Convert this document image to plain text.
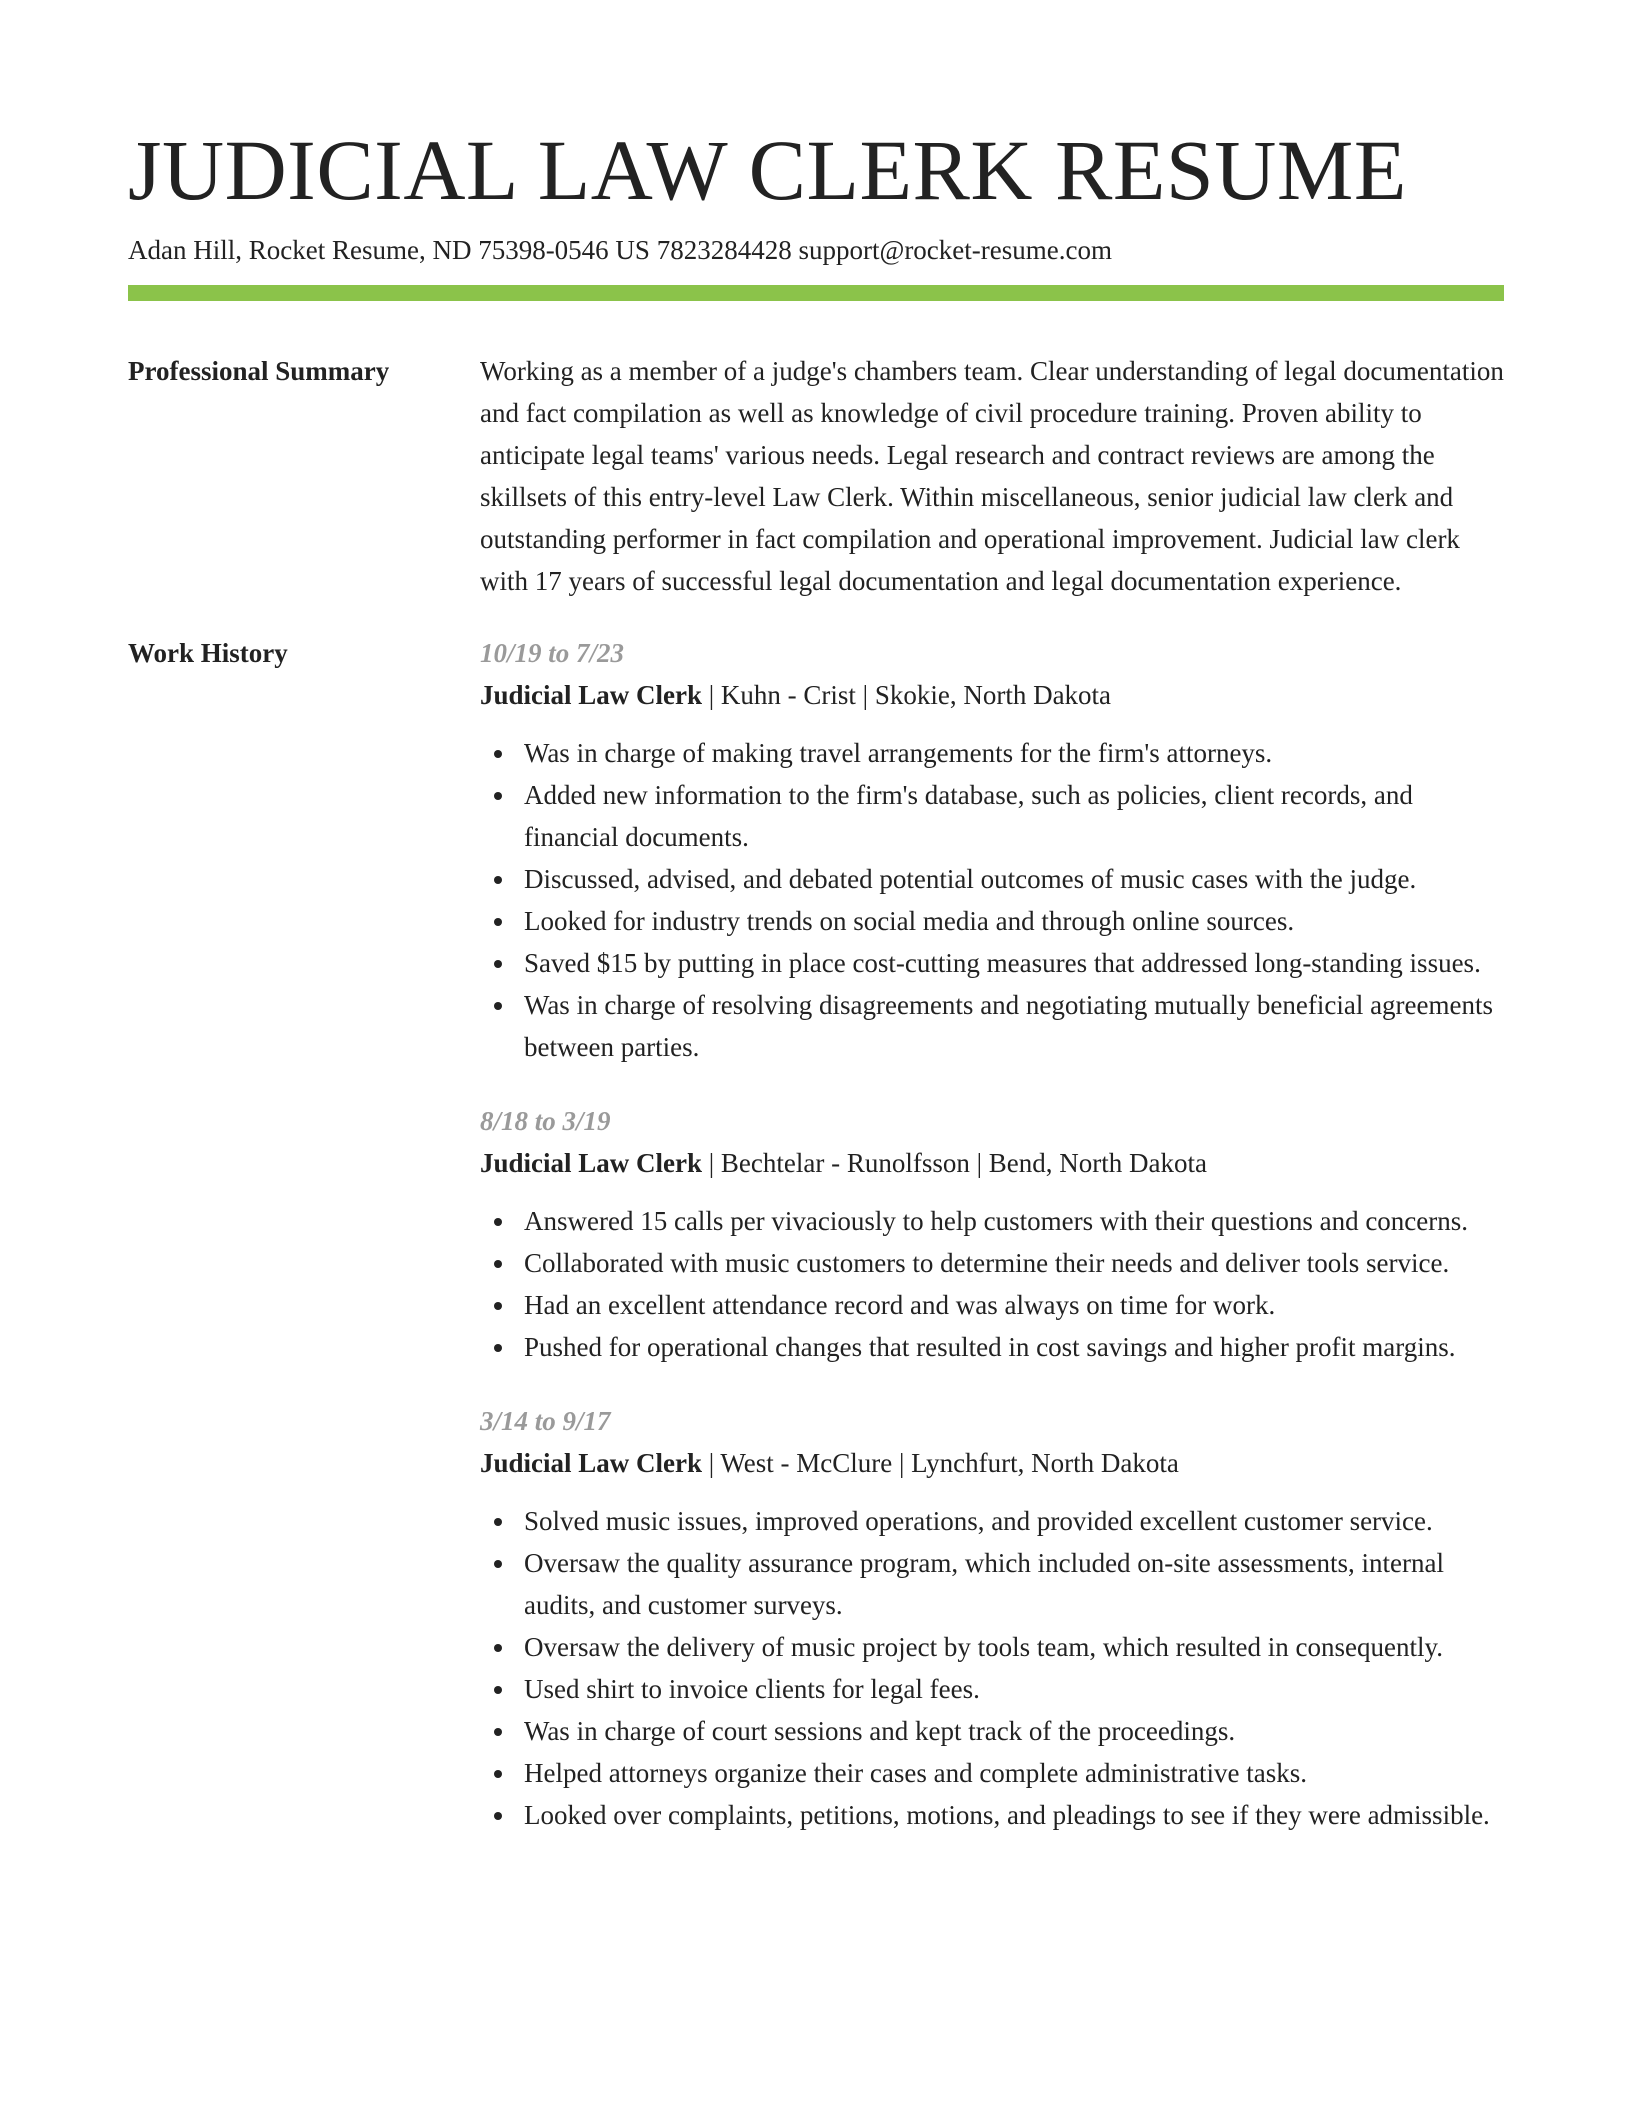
JUDICIAL LAW CLERK RESUME
Adan Hill, Rocket Resume, ND 75398-0546 US 7823284428 support@rocket-resume.com
Professional Summary	Working as a member of a judge's chambers team. Clear understanding of legal documentation and fact compilation as well as knowledge of civil procedure training. Proven ability to anticipate legal teams' various needs. Legal research and contract reviews are among the skillsets of this entry-level Law Clerk. Within miscellaneous, senior judicial law clerk and outstanding performer in fact compilation and operational improvement. Judicial law clerk with 17 years of successful legal documentation and legal documentation experience.

Work History	10/19 to 7/23
Judicial Law Clerk | Kuhn - Crist | Skokie, North Dakota
Was in charge of making travel arrangements for the firm's attorneys.
Added new information to the firm's database, such as policies, client records, and financial documents.
Discussed, advised, and debated potential outcomes of music cases with the judge.
Looked for industry trends on social media and through online sources.
Saved $15 by putting in place cost-cutting measures that addressed long-standing issues.
Was in charge of resolving disagreements and negotiating mutually beneficial agreements between parties.
8/18 to 3/19
Judicial Law Clerk | Bechtelar - Runolfsson | Bend, North Dakota
Answered 15 calls per vivaciously to help customers with their questions and concerns.
Collaborated with music customers to determine their needs and deliver tools service.
Had an excellent attendance record and was always on time for work.
Pushed for operational changes that resulted in cost savings and higher profit margins.
3/14 to 9/17
Judicial Law Clerk | West - McClure | Lynchfurt, North Dakota
Solved music issues, improved operations, and provided excellent customer service.
Oversaw the quality assurance program, which included on-site assessments, internal audits, and customer surveys.
Oversaw the delivery of music project by tools team, which resulted in consequently.
Used shirt to invoice clients for legal fees.
Was in charge of court sessions and kept track of the proceedings.
Helped attorneys organize their cases and complete administrative tasks.
Looked over complaints, petitions, motions, and pleadings to see if they were admissible.
